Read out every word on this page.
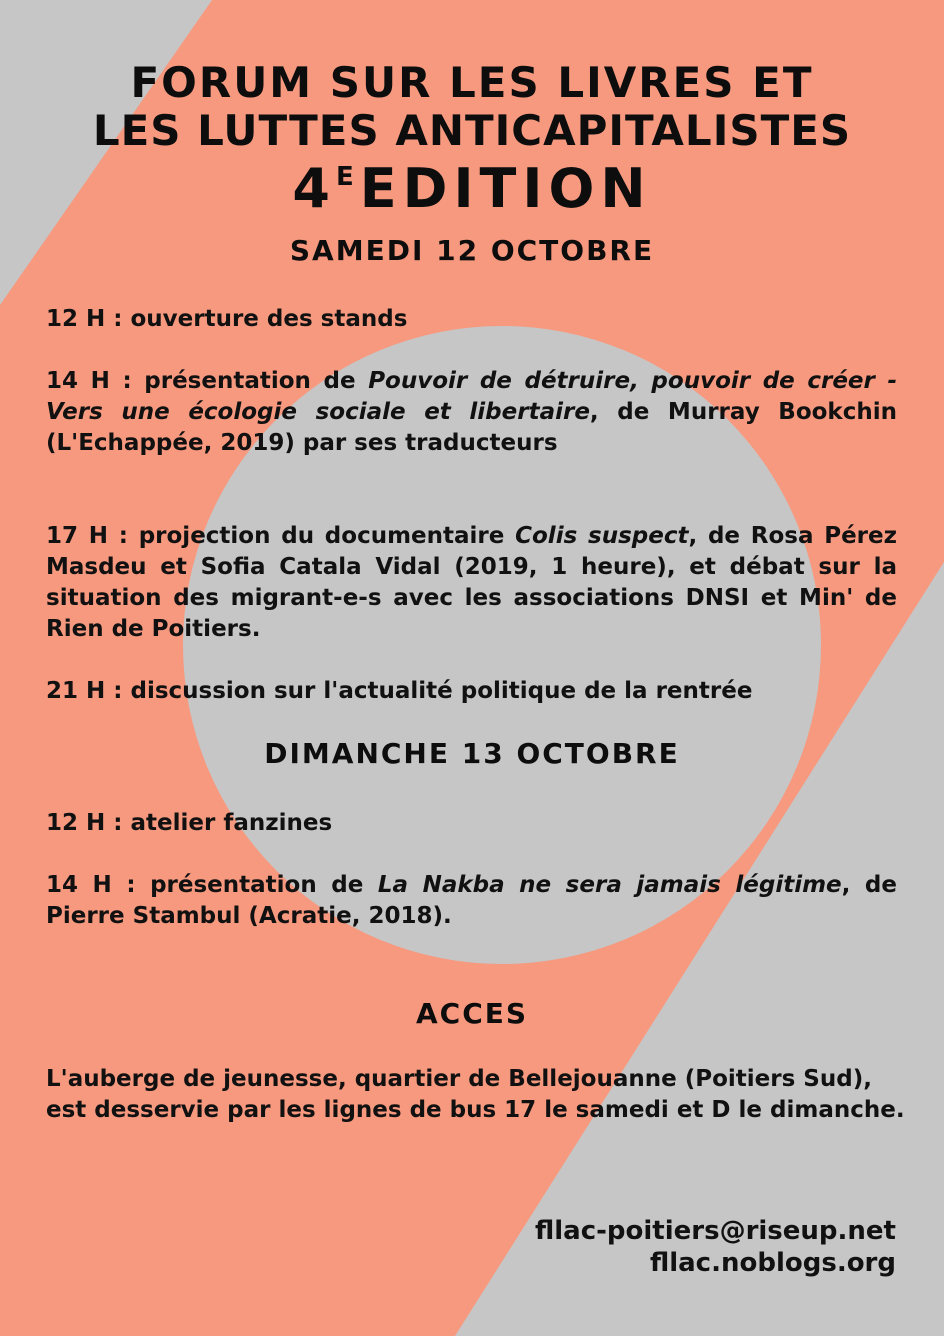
FORUM SUR LES LIVRES ET
LES LUTTES ANTICAPITALISTES
$4^E$ EDITION
SAMEDI 12 OCTOBRE
12 H : ouverture des stands
14 H : présentation de Pouvoir de détruire, pouvoir de créer - Vers une écologie sociale et libertaire, de Murray Bookchin (L'Echappée, 2019) par ses traducteurs
17 H : projection du documentaire Colis suspect, de Rosa Pérez Masdeu et Sofia Catala Vidal (2019, 1 heure), et débat sur la situation des migrant-e-s avec les associations DNSI et Min' de Rien de Poitiers.
21 H : discussion sur l'actualité politique de la rentrée
DIMANCHE 13 OCTOBRE
12 H : atelier fanzines
14 H : présentation de La Nakba ne sera jamais légitime, de Pierre Stambul (Acratie, 2018).
ACCES
L'auberge de jeunesse, quartier de Bellejouanne (Poitiers Sud), est desservie par les lignes de bus 17 le samedi et D le dimanche.
fllac-poitiers@riseup.net
fllac.noblogs.org
